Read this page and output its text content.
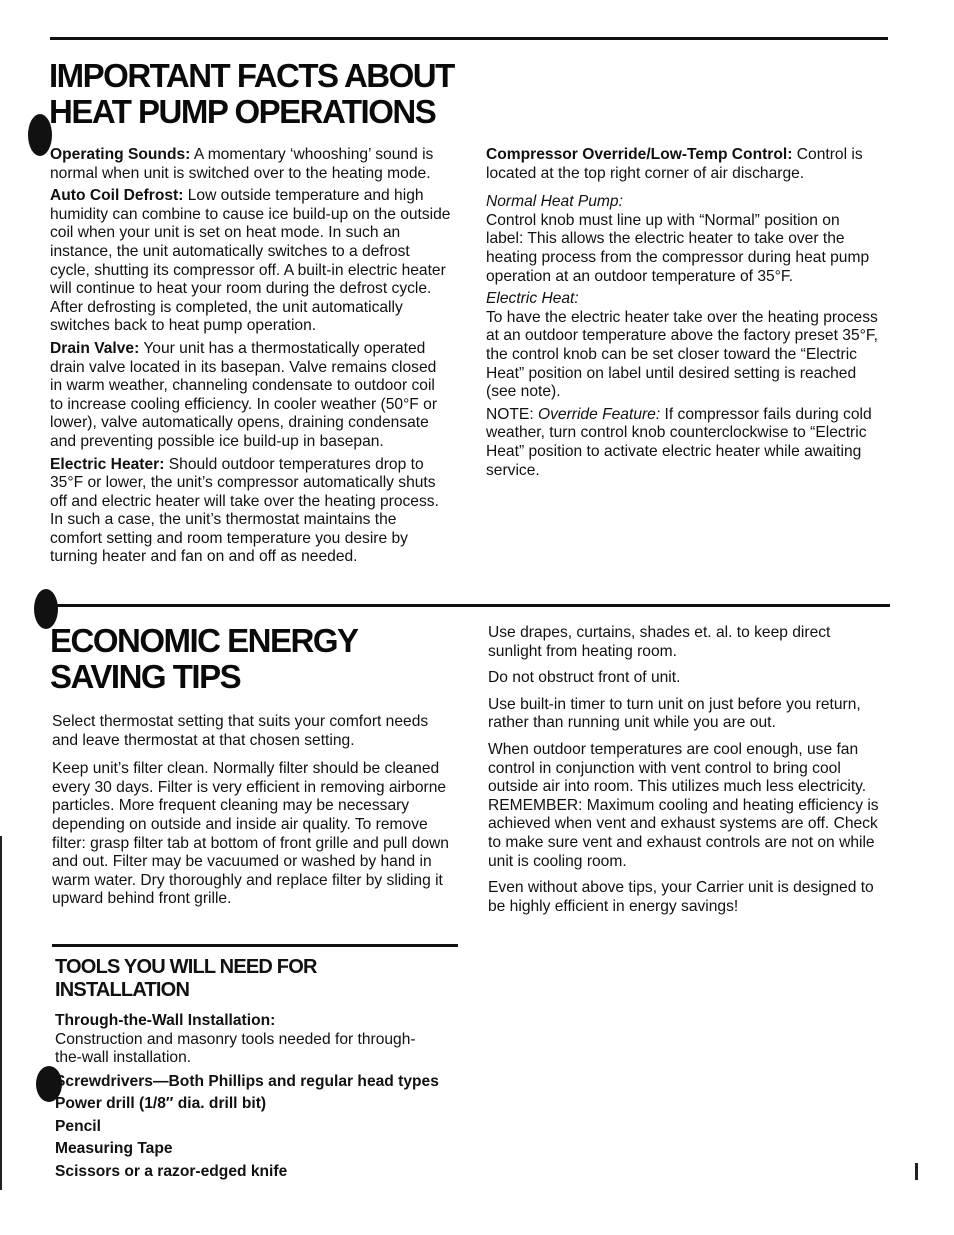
IMPORTANT FACTS ABOUT
HEAT PUMP OPERATIONS

Operating Sounds: A momentary ‘whooshing’ sound is normal when unit is switched over to the heating mode.

Auto Coil Defrost: Low outside temperature and high humidity can combine to cause ice build-up on the outside coil when your unit is set on heat mode. In such an instance, the unit automatically switches to a defrost cycle, shutting its compressor off. A built-in electric heater will continue to heat your room during the defrost cycle. After defrosting is completed, the unit automatically switches back to heat pump operation.

Drain Valve: Your unit has a thermostatically operated drain valve located in its basepan. Valve remains closed in warm weather, channeling condensate to outdoor coil to increase cooling efficiency. In cooler weather (50°F or lower), valve automatically opens, draining condensate and preventing possible ice build-up in basepan.

Electric Heater: Should outdoor temperatures drop to 35°F or lower, the unit’s compressor automatically shuts off and electric heater will take over the heating process. In such a case, the unit’s thermostat maintains the comfort setting and room temperature you desire by turning heater and fan on and off as needed.

Compressor Override/Low-Temp Control: Control is located at the top right corner of air discharge.

Normal Heat Pump:

Control knob must line up with “Normal” position on label: This allows the electric heater to take over the heating process from the compressor during heat pump operation at an outdoor temperature of 35°F.

Electric Heat:

To have the electric heater take over the heating process at an outdoor temperature above the factory preset 35°F, the control knob can be set closer toward the “Electric Heat” position on label until desired setting is reached (see note).

NOTE: Override Feature: If compressor fails during cold weather, turn control knob counterclockwise to “Electric Heat” position to activate electric heater while awaiting service.

ECONOMIC ENERGY
SAVING TIPS

Select thermostat setting that suits your comfort needs and leave thermostat at that chosen setting.

Keep unit’s filter clean. Normally filter should be cleaned every 30 days. Filter is very efficient in removing airborne particles. More frequent cleaning may be necessary depending on outside and inside air quality. To remove filter: grasp filter tab at bottom of front grille and pull down and out. Filter may be vacuumed or washed by hand in warm water. Dry thoroughly and replace filter by sliding it upward behind front grille.

Use drapes, curtains, shades et. al. to keep direct sunlight from heating room.

Do not obstruct front of unit.

Use built-in timer to turn unit on just before you return, rather than running unit while you are out.

When outdoor temperatures are cool enough, use fan control in conjunction with vent control to bring cool outside air into room. This utilizes much less electricity. REMEMBER: Maximum cooling and heating efficiency is achieved when vent and exhaust systems are off. Check to make sure vent and exhaust controls are not on while unit is cooling room.

Even without above tips, your Carrier unit is designed to be highly efficient in energy savings!

TOOLS YOU WILL NEED FOR
INSTALLATION

Through-the-Wall Installation:

Construction and masonry tools needed for through-the-wall installation.

Screwdrivers—Both Phillips and regular head types
Power drill (1/8″ dia. drill bit)
Pencil
Measuring Tape
Scissors or a razor-edged knife
